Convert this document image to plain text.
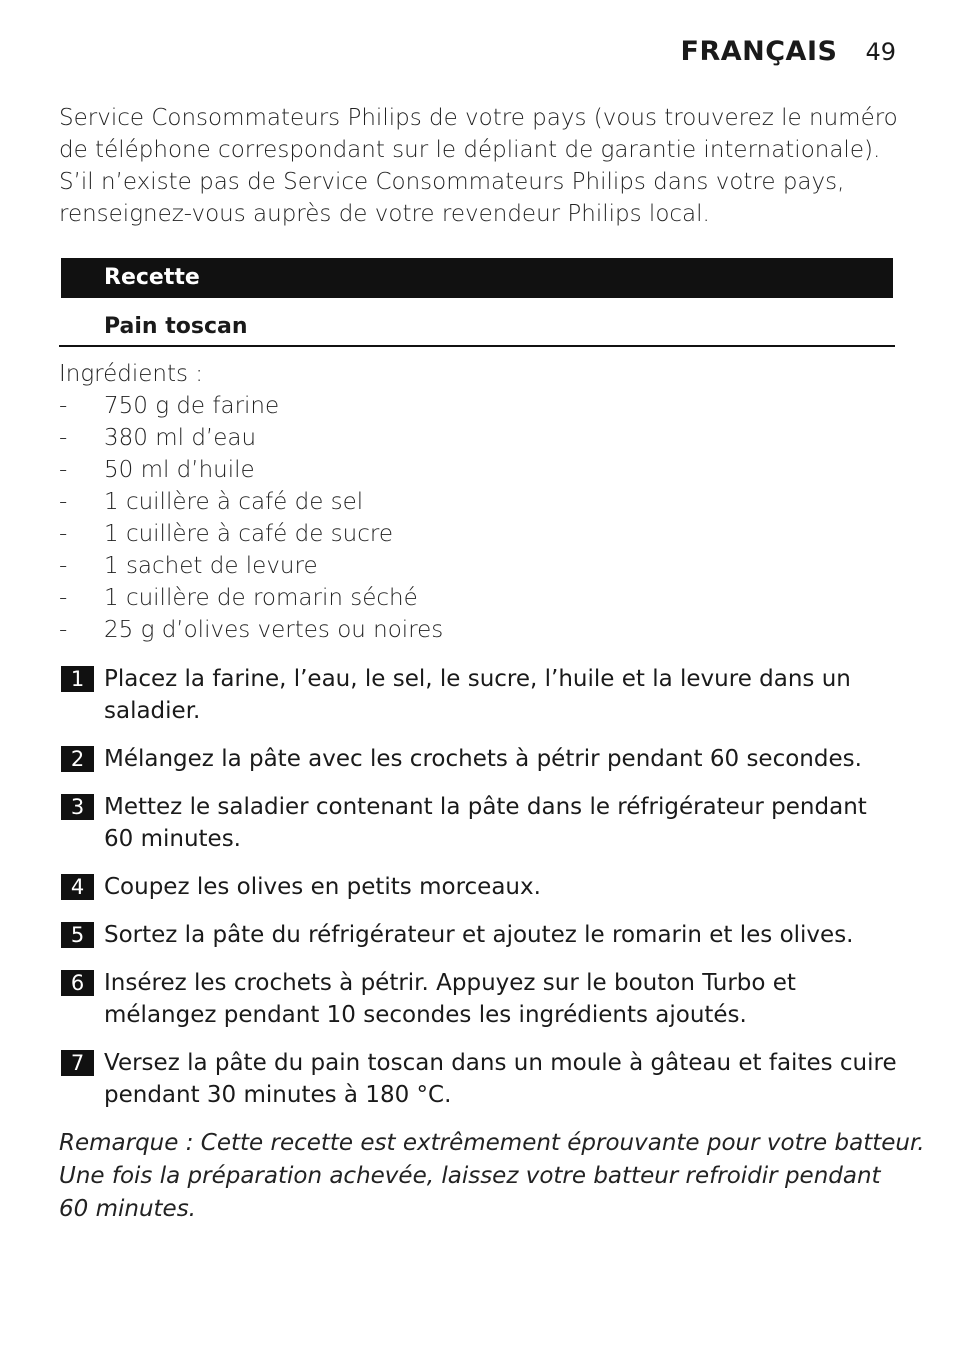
FRANÇAIS 49

Service Consommateurs Philips de votre pays (vous trouverez le numéro

de téléphone correspondant sur le dépliant de garantie internationale).

S’il n’existe pas de Service Consommateurs Philips dans votre pays,

renseignez-vous auprès de votre revendeur Philips local.

Recette
Pain toscan

Ingrédients :

- 750 g de farine
- 380 ml d’eau
- 50 ml d’huile
- 1 cuillère à café de sel
- 1 cuillère à café de sucre
- 1 sachet de levure
- 1 cuillère de romarin séché
- 25 g d’olives vertes ou noires
1 Placez la farine, l’eau, le sel, le sucre, l’huile et la levure dans un
saladier.
2 Mélangez la pâte avec les crochets à pétrir pendant 60 secondes.
3 Mettez le saladier contenant la pâte dans le réfrigérateur pendant
60 minutes.
4 Coupez les olives en petits morceaux.
5 Sortez la pâte du réfrigérateur et ajoutez le romarin et les olives.
6 Insérez les crochets à pétrir. Appuyez sur le bouton Turbo et
mélangez pendant 10 secondes les ingrédients ajoutés.
7 Versez la pâte du pain toscan dans un moule à gâteau et faites cuire
pendant 30 minutes à 180 °C.

Remarque : Cette recette est extrêmement éprouvante pour votre batteur.

Une fois la préparation achevée, laissez votre batteur refroidir pendant

60 minutes.
